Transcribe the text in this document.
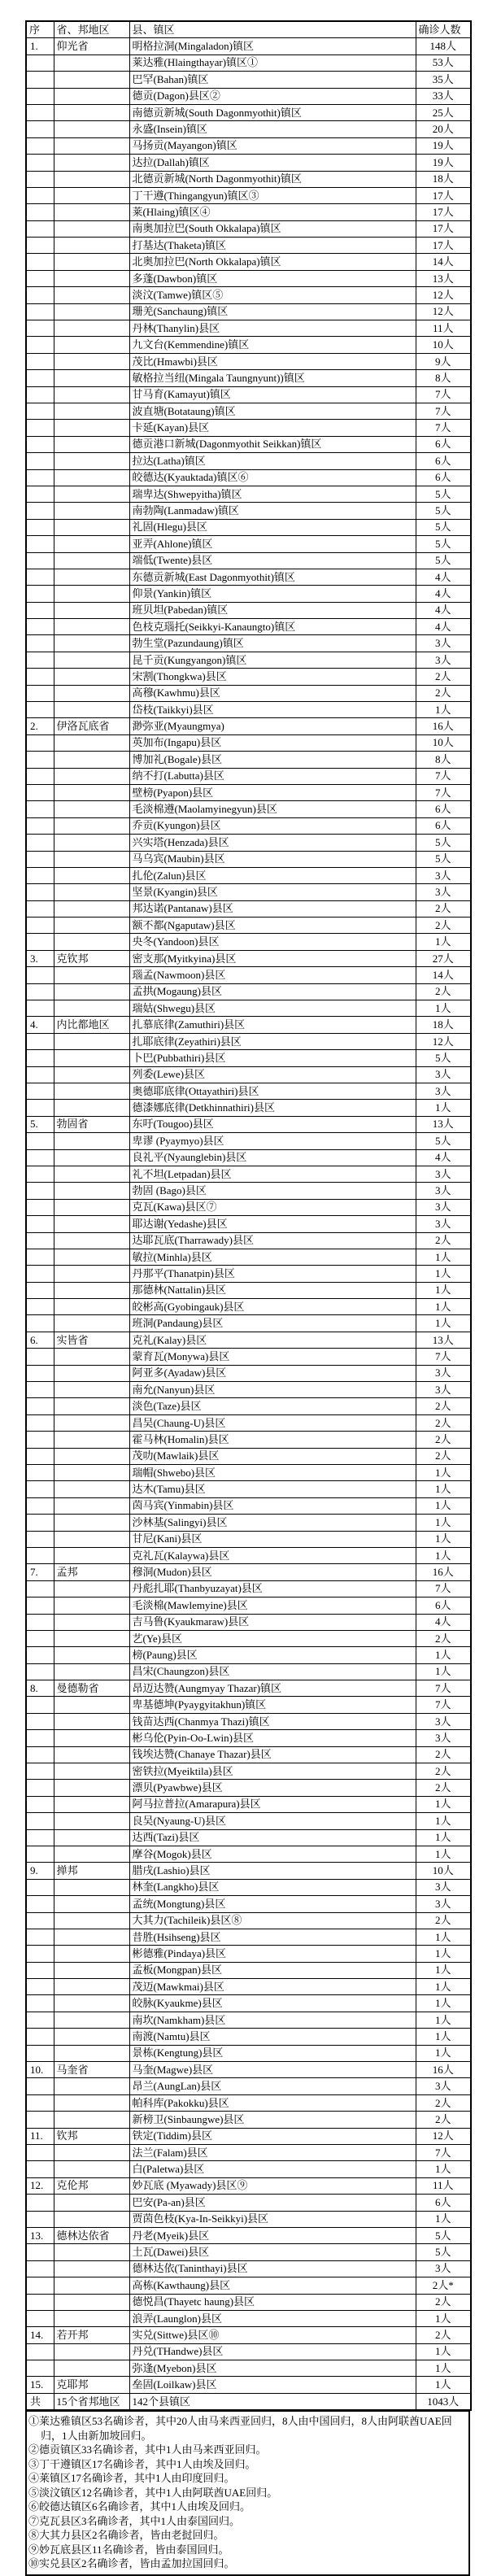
序	省、邦地区	县、镇区	确诊人数
1.	仰光省	明格拉洞(Mingaladon)镇区	148人
		莱达雅(Hlaingthayar)镇区①	53人
		巴罕(Bahan)镇区	35人
		德贡(Dagon)县区②	33人
		南德贡新城(South Dagonmyothit)镇区	25人
		永盛(Insein)镇区	20人
		马扬贡(Mayangon)镇区	19人
		达拉(Dallah)镇区	19人
		北德贡新城(North Dagonmyothit)镇区	18人
		丁干遵(Thingangyun)镇区③	17人
		莱(Hlaing)镇区④	17人
		南奥加拉巴(South Okkalapa)镇区	17人
		打基达(Thaketa)镇区	17人
		北奥加拉巴(North Okkalapa)镇区	14人
		多蓬(Dawbon)镇区	13人
		淡汶(Tamwe)镇区⑤	12人
		珊羌(Sanchaung)镇区	12人
		丹林(Thanylin)县区	11人
		九文台(Kemmendine)镇区	10人
		茂比(Hmawbi)县区	9人
		敏格拉当纽(Mingala Taungnyunt))镇区	8人
		甘马育(Kamayut)镇区	7人
		波直塘(Botataung)镇区	7人
		卡延(Kayan)县区	7人
		德贡港口新城(Dagonmyothit Seikkan)镇区	6人
		拉达(Latha)镇区	6人
		皎德达(Kyauktada)镇区⑥	6人
		瑞卑达(Shwepyitha)镇区	5人
		南勃陶(Lanmadaw)镇区	5人
		礼固(Hlegu)县区	5人
		亚弄(Ahlone)镇区	5人
		端低(Twente)县区	5人
		东德贡新城(East Dagonmyothit)镇区	4人
		仰景(Yankin)镇区	4人
		班贝坦(Pabedan)镇区	4人
		色枝克瑙托(Seikkyi-Kanaungto)镇区	4人
		勃生堂(Pazundaung)镇区	3人
		昆千贡(Kungyangon)镇区	3人
		宋割(Thongkwa)县区	2人
		高穆(Kawhmu)县区	2人
		岱枝(Taikkyi)县区	1人
2.	伊洛瓦底省	渺弥亚(Myaungmya)	16人
		英加布(Ingapu)县区	10人
		博加礼(Bogale)县区	8人
		纳不打(Labutta)县区	7人
		壁榜(Pyapon)县区	7人
		毛淡棉遵(Maolamyinegyun)县区	6人
		乔贡(Kyungon)县区	6人
		兴实塔(Henzada)县区	5人
		马乌宾(Maubin)县区	5人
		扎伦(Zalun)县区	3人
		坚景(Kyangin)县区	3人
		邦达诺(Pantanaw)县区	2人
		额不都(Ngaputaw)县区	2人
		央冬(Yandoon)县区	1人
3.	克钦邦	密支那(Myitkyina)县区	27人
		瑙孟(Nawmoon)县区	14人
		孟拱(Mogaung)县区	2人
		瑞姑(Shwegu)县区	1人
4.	内比都地区	扎慕底律(Zamuthiri)县区	18人
		扎耶底律(Zeyathiri)县区	12人
		卜巴(Pubbathiri)县区	5人
		列委(Lewe)县区	3人
		奥德耶底律(Ottayathiri)县区	3人
		德漆娜底律(Detkhinnathiri)县区	1人
5.	勃固省	东吁(Tougoo)县区	13人
		卑谬 (Pyaymyo)县区	5人
		良礼平(Nyaunglebin)县区	4人
		礼不坦(Letpadan)县区	3人
		勃固 (Bago)县区	3人
		克瓦(Kawa)县区⑦	3人
		耶达谢(Yedashe)县区	3人
		达耶瓦底(Tharrawady)县区	2人
		敏拉(Minhla)县区	1人
		丹那平(Thanatpin)县区	1人
		那德林(Nattalin)县区	1人
		皎彬高(Gyobingauk)县区	1人
		班洞(Pandaung)县区	1人
6.	实皆省	克礼(Kalay)县区	13人
		蒙育瓦(Monywa)县区	7人
		阿亚多(Ayadaw)县区	3人
		南允(Nanyun)县区	3人
		淡色(Taze)县区	2人
		昌吴(Chaung-U)县区	2人
		霍马林(Homalin)县区	2人
		茂叻(Mawlaik)县区	2人
		瑞帽(Shwebo)县区	1人
		达木(Tamu)县区	1人
		茵马宾(Yinmabin)县区	1人
		沙林基(Salingyi)县区	1人
		甘尼(Kani)县区	1人
		克礼瓦(Kalaywa)县区	1人
7.	孟邦	穆洞(Mudon)县区	16人
		丹彪扎耶(Thanbyuzayat)县区	7人
		毛淡棉(Mawlemyine)县区	6人
		吉马鲁(Kyaukmaraw)县区	4人
		艺(Ye)县区	2人
		榜(Paung)县区	1人
		昌宋(Chaungzon)县区	1人
8.	曼德勒省	昂迈达赞(Aungmyay Thazar)镇区	7人
		卑基德坤(Pyaygyitakhun)镇区	7人
		钱苗达西(Chanmya Thazi)镇区	3人
		彬乌伦(Pyin-Oo-Lwin)县区	3人
		钱埃达赞(Chanaye Thazar)县区	2人
		密铁拉(Myeiktila)县区	2人
		漂贝(Pyawbwe)县区	2人
		阿马拉普拉(Amarapura)县区	1人
		良吴(Nyaung-U)县区	1人
		达西(Tazi)县区	1人
		摩谷(Mogok)县区	1人
9.	掸邦	腊戌(Lashio)县区	10人
		林奎(Langkho)县区	3人
		孟统(Mongtung)县区	3人
		大其力(Tachileik)县区⑧	2人
		昔胜(Hsihseng)县区	1人
		彬德雅(Pindaya)县区	1人
		孟板(Mongpan)县区	1人
		茂迈(Mawkmai)县区	1人
		皎脉(Kyaukme)县区	1人
		南坎(Namkham)县区	1人
		南渡(Namtu)县区	1人
		景栋(Kengtung)县区	1人
10.	马奎省	马奎(Magwe)县区	16人
		昂兰(AungLan)县区	3人
		帕科库(Pakokku)县区	2人
		新榜卫(Sinbaungwe)县区	2人
11.	钦邦	铁定(Tiddim)县区	12人
		法兰(Falam)县区	7人
		白(Paletwa)县区	1人
12.	克伦邦	妙瓦底 (Myawady)县区⑨	11人
		巴安(Pa-an)县区	6人
		贾茵色枝(Kya-In-Seikkyi)县区	1人
13.	德林达依省	丹老(Myeik)县区	5人
		土瓦(Dawei)县区	5人
		德林达依(Taninthayi)县区	3人
		高栋(Kawthaung)县区	2人*
		德悦昌(Thayetc haung)县区	2人
		浪弄(Launglon)县区	1人
14.	若开邦	实兑(Sittwe)县区⑩	2人
		丹兑(THandwe)县区	1人
		弥逢(Myebon)县区	1人
15.	克耶邦	垒固(Loilkaw)县区	1人
共	15个省邦地区	142个县镇区	1043人
①莱达雅镇区53名确诊者，其中20人由马来西亚回归，8人由中国回归，8人由阿联酋UAE回归，1人由新加坡回归。
②德贡镇区33名确诊者，其中1人由马来西亚回归。
③丁干遵镇区17名确诊者，其中1人由埃及回归。
④莱镇区17名确诊者，其中1人由印度回归。
⑤淡汶镇区12名确诊者，其中1人由阿联酋UAE回归。
⑥皎德达镇区6名确诊者，其中1人由埃及回归。
⑦克瓦县区3名确诊者，其中1人由泰国回归。
⑧大其力县区2名确诊者，皆由老挝回归。
⑨妙瓦底县区11名确诊者，皆由泰国回归。
⑩实兑县区2名确诊者，皆由孟加拉国回归。
